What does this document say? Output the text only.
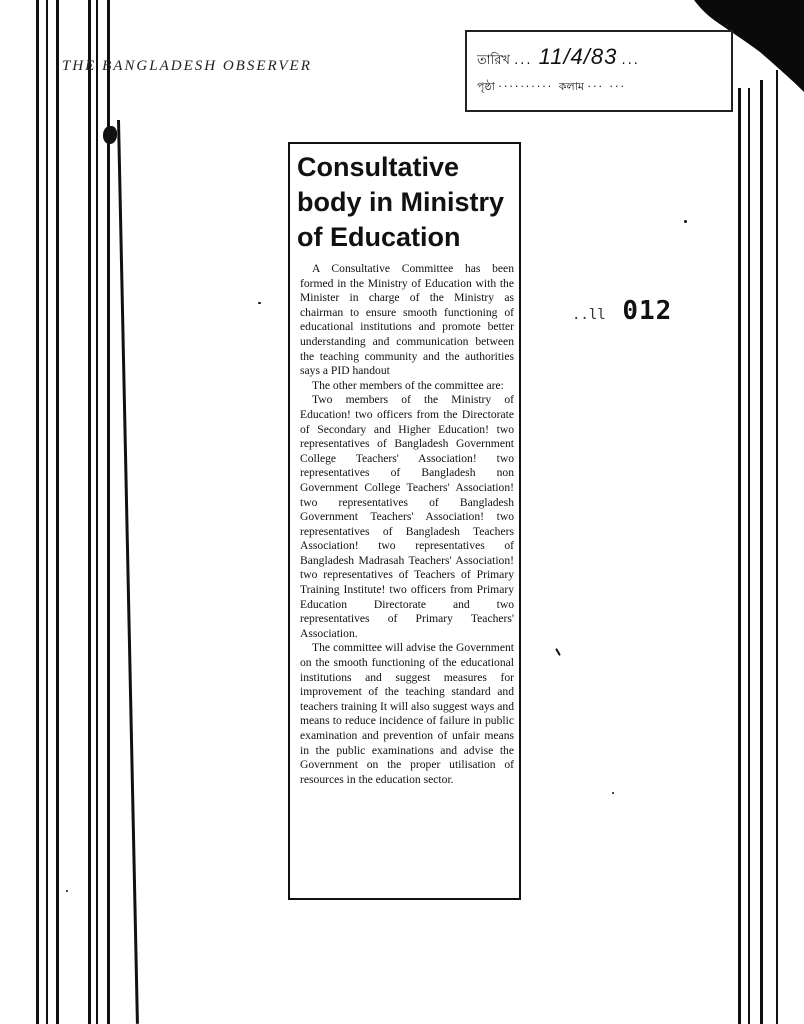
THE BANGLADESH OBSERVER	তারিখ ... 11/4/83 ...
পৃষ্ঠা ·········· কলাম ··· ···
..ll 012
Consultative
body in Ministry
of Education

A Consultative Committee has been formed in the Ministry of Education with the Minister in charge of the Ministry as chairman to ensure smooth functioning of educational institutions and promote better understanding and communication between the teaching community and the authorities says a PID handout

The other members of the committee are:

Two members of the Ministry of Education! two officers from the Directorate of Secondary and Higher Education! two representatives of Bangladesh Government College Teachers' Association! two representatives of Bangladesh non Government College Teachers' Association! two representatives of Bangladesh Government Teachers' Association! two representatives of Bangladesh Teachers Association! two representatives of Bangladesh Madrasah Teachers' Association! two representatives of Teachers of Primary Training Institute! two officers from Primary Education Directorate and two representatives of Primary Teachers' Association.

The committee will advise the Government on the smooth functioning of the educational institutions and suggest measures for improvement of the teaching standard and teachers training It will also suggest ways and means to reduce incidence of failure in public examination and prevention of unfair means in the public examinations and advise the Government on the proper utilisation of resources in the education sector.
